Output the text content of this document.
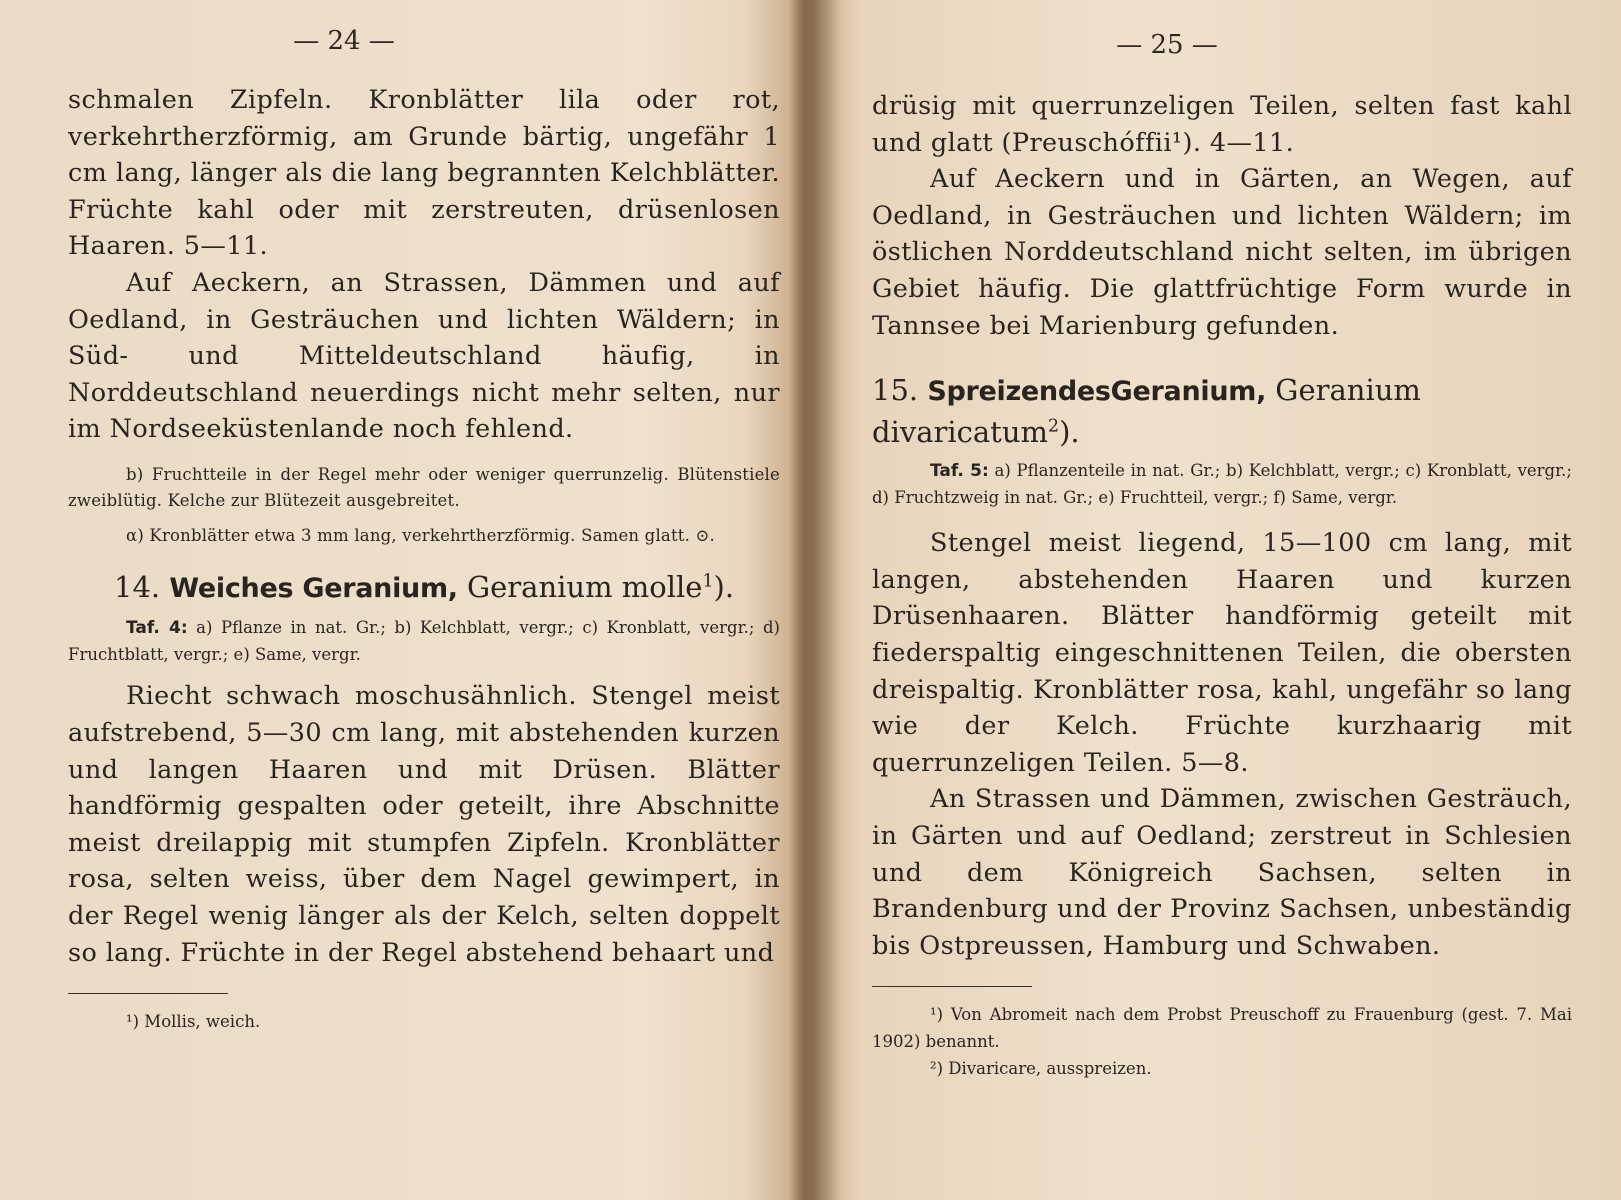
— 24 —

schmalen Zipfeln. Kronblätter lila oder rot, verkehrtherzförmig, am Grunde bärtig, ungefähr 1 cm lang, länger als die lang begrannten Kelchblätter. Früchte kahl oder mit zerstreuten, drüsenlosen Haaren. 5—11.

Auf Aeckern, an Strassen, Dämmen und auf Oedland, in Gesträuchen und lichten Wäldern; in Süd- und Mitteldeutschland häufig, in Norddeutschland neuerdings nicht mehr selten, nur im Nordseeküstenlande noch fehlend.

b) Fruchtteile in der Regel mehr oder weniger querrunzelig. Blütenstiele zweiblütig. Kelche zur Blütezeit ausgebreitet.

α) Kronblätter etwa 3 mm lang, verkehrtherzförmig. Samen glatt. ⊙.

14. Weiches Geranium, Geranium molle$^1$).

Taf. 4: a) Pflanze in nat. Gr.; b) Kelchblatt, vergr.; c) Kronblatt, vergr.; d) Fruchtblatt, vergr.; e) Same, vergr.

Riecht schwach moschusähnlich. Stengel meist aufstrebend, 5—30 cm lang, mit abstehenden kurzen und langen Haaren und mit Drüsen. Blätter handförmig gespalten oder geteilt, ihre Abschnitte meist dreilappig mit stumpfen Zipfeln. Kronblätter rosa, selten weiss, über dem Nagel gewimpert, in der Regel wenig länger als der Kelch, selten doppelt so lang. Früchte in der Regel abstehend behaart und

¹) Mollis, weich.

— 25 —

drüsig mit querrunzeligen Teilen, selten fast kahl und glatt (Preuschóffii¹). 4—11.

Auf Aeckern und in Gärten, an Wegen, auf Oedland, in Gesträuchen und lichten Wäldern; im östlichen Norddeutschland nicht selten, im übrigen Gebiet häufig. Die glattfrüchtige Form wurde in Tannsee bei Marienburg gefunden.

15. SpreizendesGeranium, Geranium divaricatum$^2$).

Taf. 5: a) Pflanzenteile in nat. Gr.; b) Kelchblatt, vergr.; c) Kronblatt, vergr.; d) Fruchtzweig in nat. Gr.; e) Fruchtteil, vergr.; f) Same, vergr.

Stengel meist liegend, 15—100 cm lang, mit langen, abstehenden Haaren und kurzen Drüsenhaaren. Blätter handförmig geteilt mit fiederspaltig eingeschnittenen Teilen, die obersten dreispaltig. Kronblätter rosa, kahl, ungefähr so lang wie der Kelch. Früchte kurzhaarig mit querrunzeligen Teilen. 5—8.

An Strassen und Dämmen, zwischen Gesträuch, in Gärten und auf Oedland; zerstreut in Schlesien und dem Königreich Sachsen, selten in Brandenburg und der Provinz Sachsen, unbeständig bis Ostpreussen, Hamburg und Schwaben.

¹) Von Abromeit nach dem Probst Preuschoff zu Frauenburg (gest. 7. Mai 1902) benannt.

²) Divaricare, ausspreizen.
